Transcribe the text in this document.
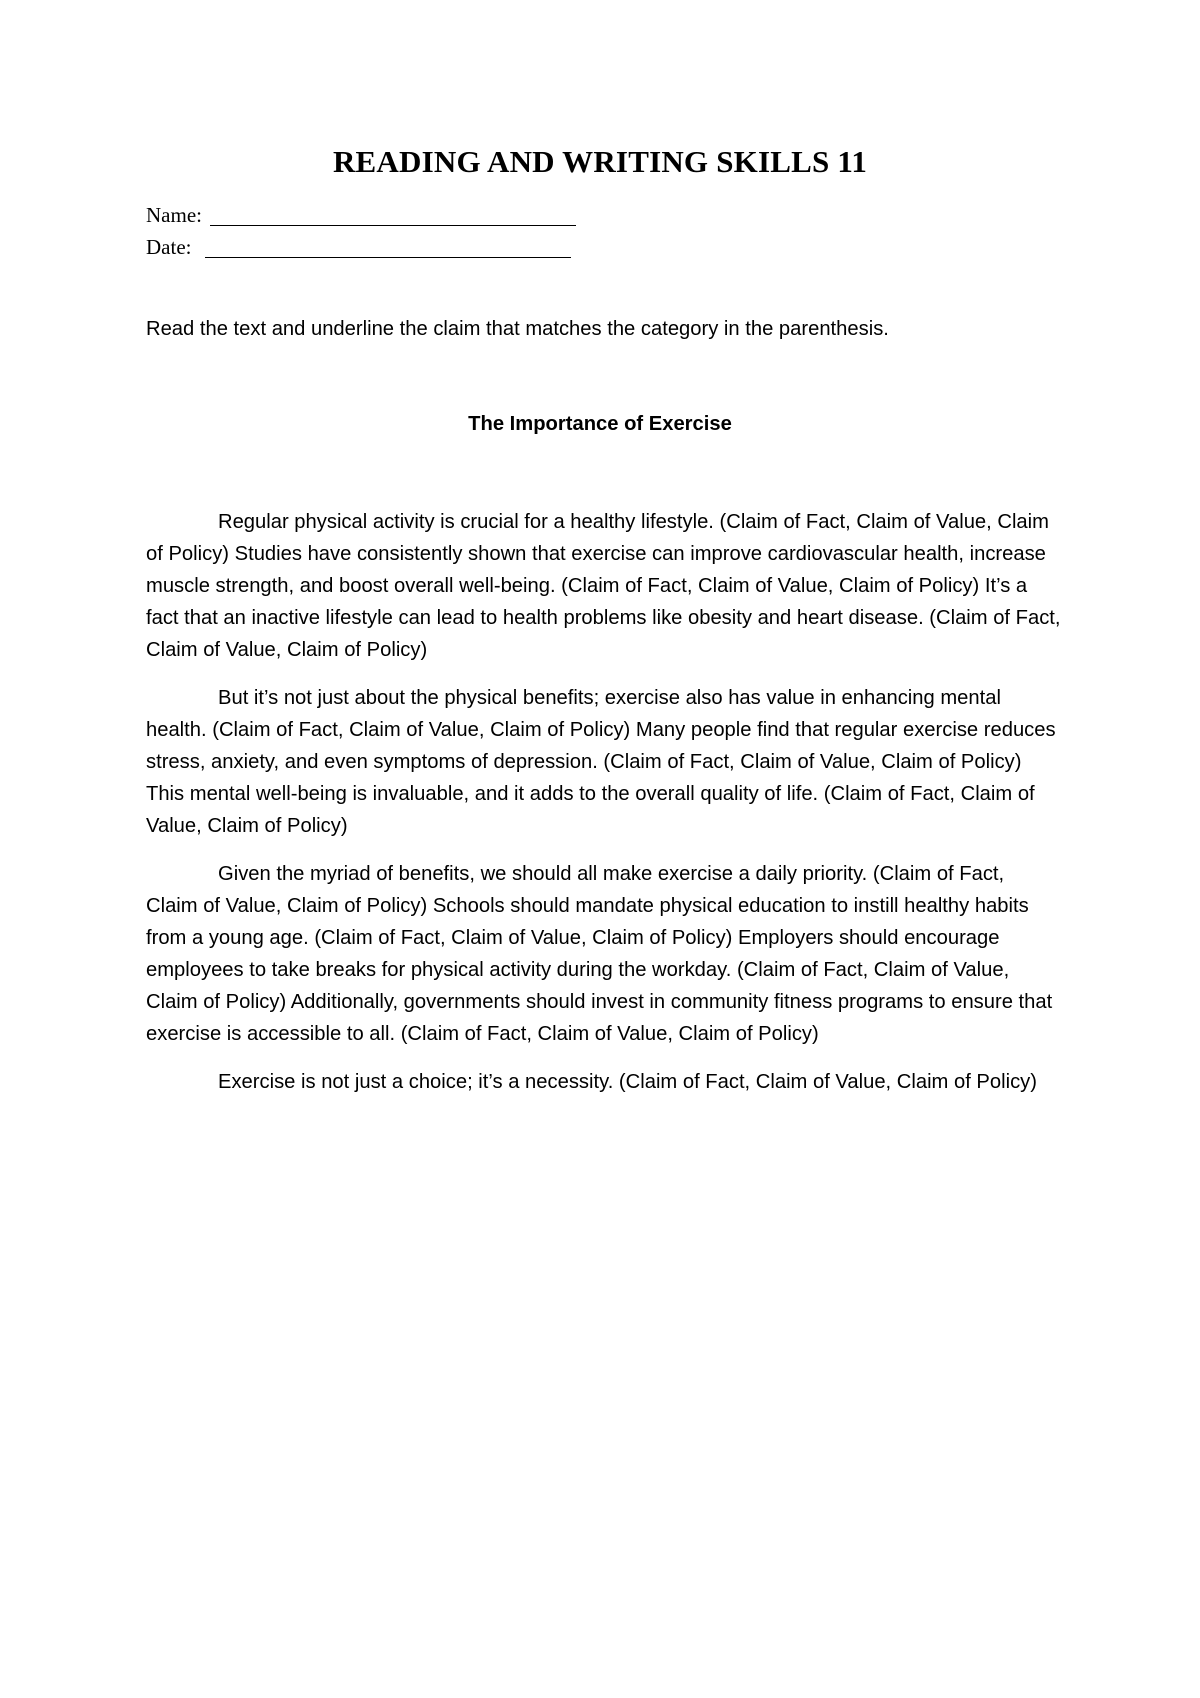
READING AND WRITING SKILLS 11
Name:
Date:
Read the text and underline the claim that matches the category in the parenthesis.
The Importance of Exercise

Regular physical activity is crucial for a healthy lifestyle. (Claim of Fact, Claim of Value, Claim of Policy) Studies have consistently shown that exercise can improve cardiovascular health, increase muscle strength, and boost overall well-being. (Claim of Fact, Claim of Value, Claim of Policy) It’s a fact that an inactive lifestyle can lead to health problems like obesity and heart disease. (Claim of Fact, Claim of Value, Claim of Policy)

But it’s not just about the physical benefits; exercise also has value in enhancing mental health. (Claim of Fact, Claim of Value, Claim of Policy) Many people find that regular exercise reduces stress, anxiety, and even symptoms of depression. (Claim of Fact, Claim of Value, Claim of Policy) This mental well-being is invaluable, and it adds to the overall quality of life. (Claim of Fact, Claim of Value, Claim of Policy)

Given the myriad of benefits, we should all make exercise a daily priority. (Claim of Fact, Claim of Value, Claim of Policy) Schools should mandate physical education to instill healthy habits from a young age. (Claim of Fact, Claim of Value, Claim of Policy) Employers should encourage employees to take breaks for physical activity during the workday. (Claim of Fact, Claim of Value, Claim of Policy) Additionally, governments should invest in community fitness programs to ensure that exercise is accessible to all. (Claim of Fact, Claim of Value, Claim of Policy)

Exercise is not just a choice; it’s a necessity. (Claim of Fact, Claim of Value, Claim of Policy)
